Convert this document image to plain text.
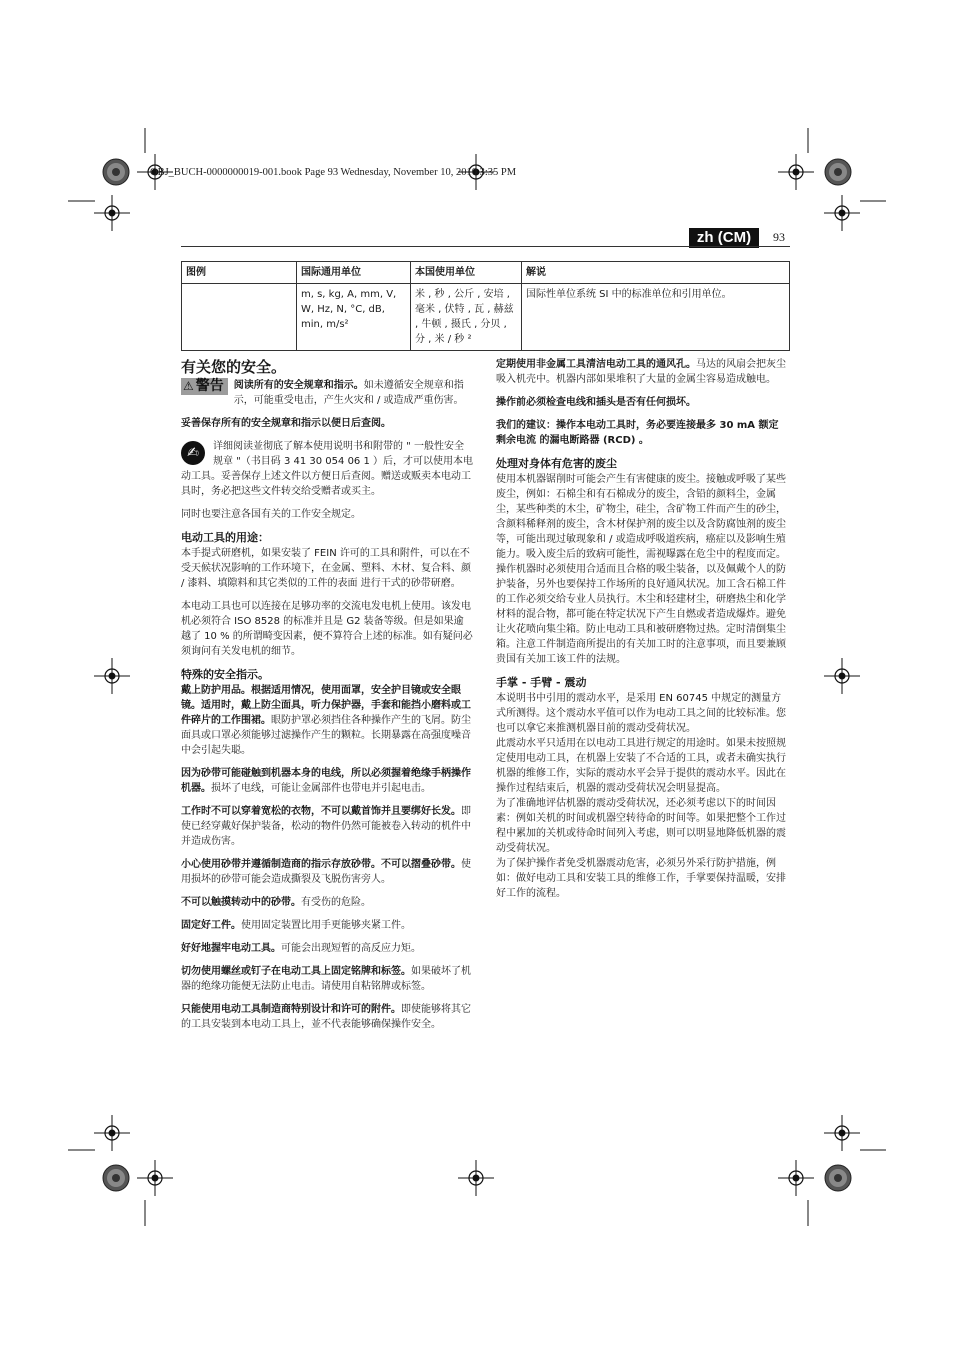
OBJ_BUCH-0000000019-001.book Page 93 Wednesday, November 10, 2010 3:35 PM
zh (CM)	93
图例	国际通用单位	本国使用单位	解说
	m, s, kg, A, mm, V, W, Hz, N, °C, dB, min, m/s²	米 , 秒 , 公斤 , 安培 , 毫米 , 伏特 , 瓦 , 赫兹 , 牛顿 , 摄氏 , 分贝 , 分 , 米 / 秒 ²	国际性单位系统 SI 中的标准单位和引用单位。
有关您的安全。

⚠ 警告	阅读所有的安全规章和指示。如未遵循安全规章和指示，可能重受电击，产生火灾和 / 或造成严重伤害。

妥善保存所有的安全规章和指示以便日后查阅。

✍	详细阅读並彻底了解本使用说明书和附带的 " 一般性安全规章 "（书目码 3 41 30 054 06 1 ）后，才可以使用本电动工具。妥善保存上述文件以方便日后查阅。赠送或贩卖本电动工具时，务必把这些文件转交给受赠者或买主。

同时也要注意各国有关的工作安全规定。

电动工具的用途：

本手提式研磨机，如果安装了 FEIN 许可的工具和附件，可以在不受天候状况影响的工作环境下，在金属、塑料、木材、复合料、颜 / 漆料、填隙料和其它类似的工件的表面 进行干式的砂带研磨。

本电动工具也可以连接在足够功率的交流电发电机上使用。该发电机必须符合 ISO 8528 的标准并且是 G2 装备等级。但是如果逾越了 10 % 的所谓畸变因素，便不算符合上述的标准。如有疑问必须询问有关发电机的细节。

特殊的安全指示。

戴上防护用品。根据适用情况，使用面罩，安全护目镜或安全眼镜。适用时，戴上防尘面具，听力保护器，手套和能挡小磨料或工件碎片的工作围裙。眼防护罩必须挡住各种操作产生的飞屑。防尘面具或口罩必须能够过滤操作产生的颗粒。长期暴露在高强度噪音中会引起失聪。

因为砂带可能碰触到机器本身的电线，所以必须握着绝缘手柄操作机器。损坏了电线，可能让金属部件也带电并引起电击。

工作时不可以穿着宽松的衣物，不可以戴首饰并且要绑好长发。即使已经穿戴好保护装备，松动的物件仍然可能被卷入转动的机件中并造成伤害。

小心使用砂带并遵循制造商的指示存放砂带。不可以摺叠砂带。使用损坏的砂带可能会造成撕裂及飞脱伤害旁人。

不可以触摸转动中的砂带。有受伤的危险。

固定好工件。使用固定装置比用手更能够夹紧工件。

好好地握牢电动工具。可能会出现短暂的高反应力矩。

切勿使用螺丝或钉子在电动工具上固定铭牌和标签。如果破坏了机器的绝缘功能便无法防止电击。请使用自粘铭牌或标签。

只能使用电动工具制造商特别设计和许可的附件。即使能够将其它的工具安装到本电动工具上，並不代表能够确保操作安全。

定期使用非金属工具清洁电动工具的通风孔。马达的风扇会把灰尘吸入机壳中。机器内部如果堆积了大量的金属尘容易造成触电。

操作前必须检查电线和插头是否有任何损坏。

我们的建议：操作本电动工具时，务必要连接最多 30 mA 额定剩余电流 的漏电断路器 (RCD) 。

处理对身体有危害的废尘

使用本机器锯削时可能会产生有害健康的废尘。接触或呼吸了某些废尘，例如：石棉尘和有石棉成分的废尘，含铅的颜料尘，金属尘，某些种类的木尘，矿物尘，硅尘，含矿物工件而产生的砂尘，含颜料稀释剂的废尘，含木材保护剂的废尘以及含防腐蚀剂的废尘等，可能出现过敏现象和 / 或造成呼吸道疾病，癌症以及影响生殖能力。吸入废尘后的致病可能性，需视曝露在危尘中的程度而定。操作机器时必须使用合适而且合格的吸尘装备，以及佩戴个人的防护装备，另外也要保持工作场所的良好通风状况。加工含石棉工件的工作必须交给专业人员执行。木尘和轻建材尘，研磨热尘和化学材料的混合物，都可能在特定状况下产生自燃或者造成爆炸。避免让火花喷向集尘箱。防止电动工具和被研磨物过热。定时清倒集尘箱。注意工件制造商所提出的有关加工时的注意事项，而且要兼顾贵国有关加工该工件的法规。

手掌 - 手臂 - 震动

本说明书中引用的震动水平，是采用 EN 60745 中规定的测量方式所测得。这个震动水平值可以作为电动工具之间的比较标准。您也可以拿它来推测机器目前的震动受荷状况。

此震动水平只适用在以电动工具进行规定的用途时。如果未按照规定使用电动工具，在机器上安装了不合适的工具，或者未确实执行机器的维修工作，实际的震动水平会异于提供的震动水平。因此在操作过程结束后，机器的震动受荷状况会明显提高。

为了准确地评估机器的震动受荷状况，还必须考虑以下的时间因素：例如关机的时间或机器空转待命的时间等。如果把整个工作过程中累加的关机或待命时间列入考虑，则可以明显地降低机器的震动受荷状况。

为了保护操作者免受机器震动危害，必须另外采行防护措施，例如：做好电动工具和安装工具的维修工作，手掌要保持温暖，安排好工作的流程。
